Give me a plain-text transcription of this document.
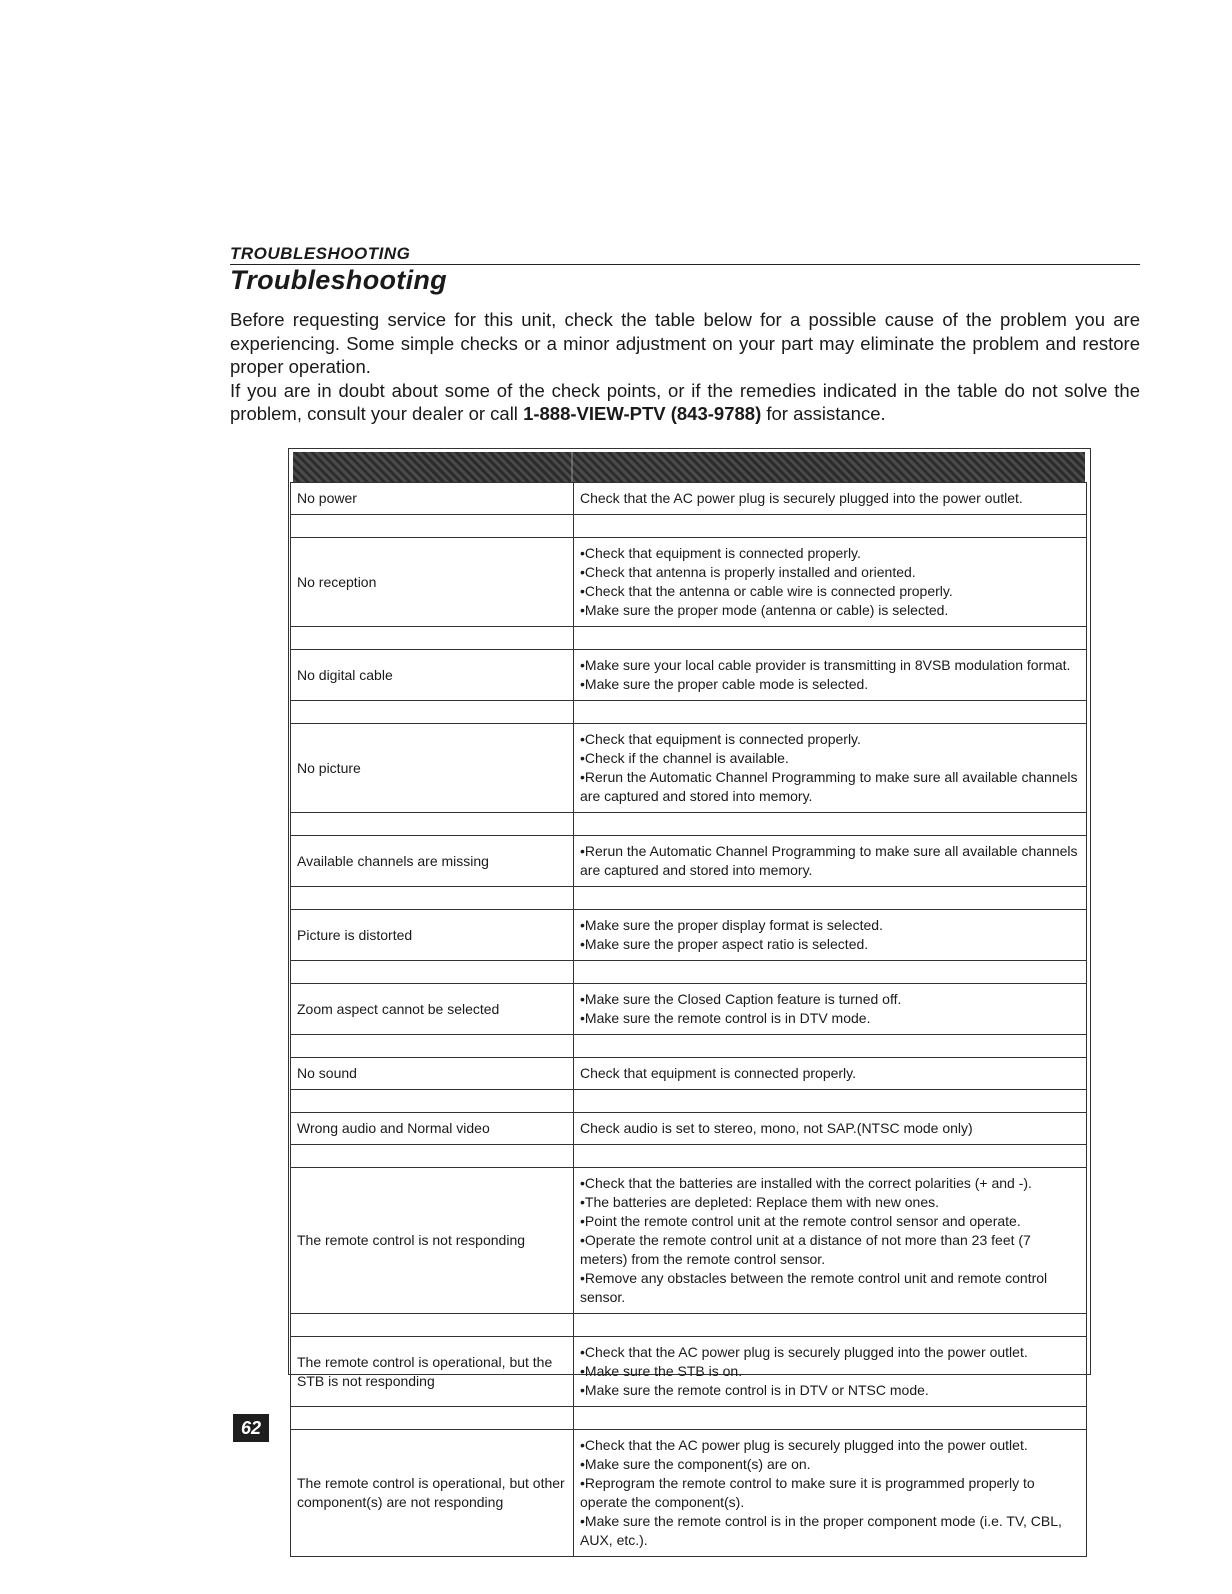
TROUBLESHOOTING
Troubleshooting

Before requesting service for this unit, check the table below for a possible cause of the problem you are experiencing. Some simple checks or a minor adjustment on your part may eliminate the problem and restore proper operation.

If you are in doubt about some of the check points, or if the remedies indicated in the table do not solve the problem, consult your dealer or call 1-888-VIEW-PTV (843-9788) for assistance.

No power	Check that the AC power plug is securely plugged into the power outlet.

No reception	•Check that equipment is connected properly.
•Check that antenna is properly installed and oriented.
•Check that the antenna or cable wire is connected properly.
•Make sure the proper mode (antenna or cable) is selected.

No digital cable	•Make sure your local cable provider is transmitting in 8VSB modulation format.
•Make sure the proper cable mode is selected.

No picture	•Check that equipment is connected properly.
•Check if the channel is available.
•Rerun the Automatic Channel Programming to make sure all available channels are captured and stored into memory.

Available channels are missing	•Rerun the Automatic Channel Programming to make sure all available channels are captured and stored into memory.

Picture is distorted	•Make sure the proper display format is selected.
•Make sure the proper aspect ratio is selected.

Zoom aspect cannot be selected	•Make sure the Closed Caption feature is turned off.
•Make sure the remote control is in DTV mode.

No sound	Check that equipment is connected properly.

Wrong audio and Normal video	Check audio is set to stereo, mono, not SAP.(NTSC mode only)

The remote control is not responding	•Check that the batteries are installed with the correct polarities (+ and -).
•The batteries are depleted: Replace them with new ones.
•Point the remote control unit at the remote control sensor and operate.
•Operate the remote control unit at a distance of not more than 23 feet (7 meters) from the remote control sensor.
•Remove any obstacles between the remote control unit and remote control sensor.

The remote control is operational, but the STB is not responding	•Check that the AC power plug is securely plugged into the power outlet.
•Make sure the STB is on.
•Make sure the remote control is in DTV or NTSC mode.

The remote control is operational, but other component(s) are not responding	•Check that the AC power plug is securely plugged into the power outlet.
•Make sure the component(s) are on.
•Reprogram the remote control to make sure it is programmed properly to operate the component(s).
•Make sure the remote control is in the proper component mode (i.e. TV, CBL, AUX, etc.).
62
